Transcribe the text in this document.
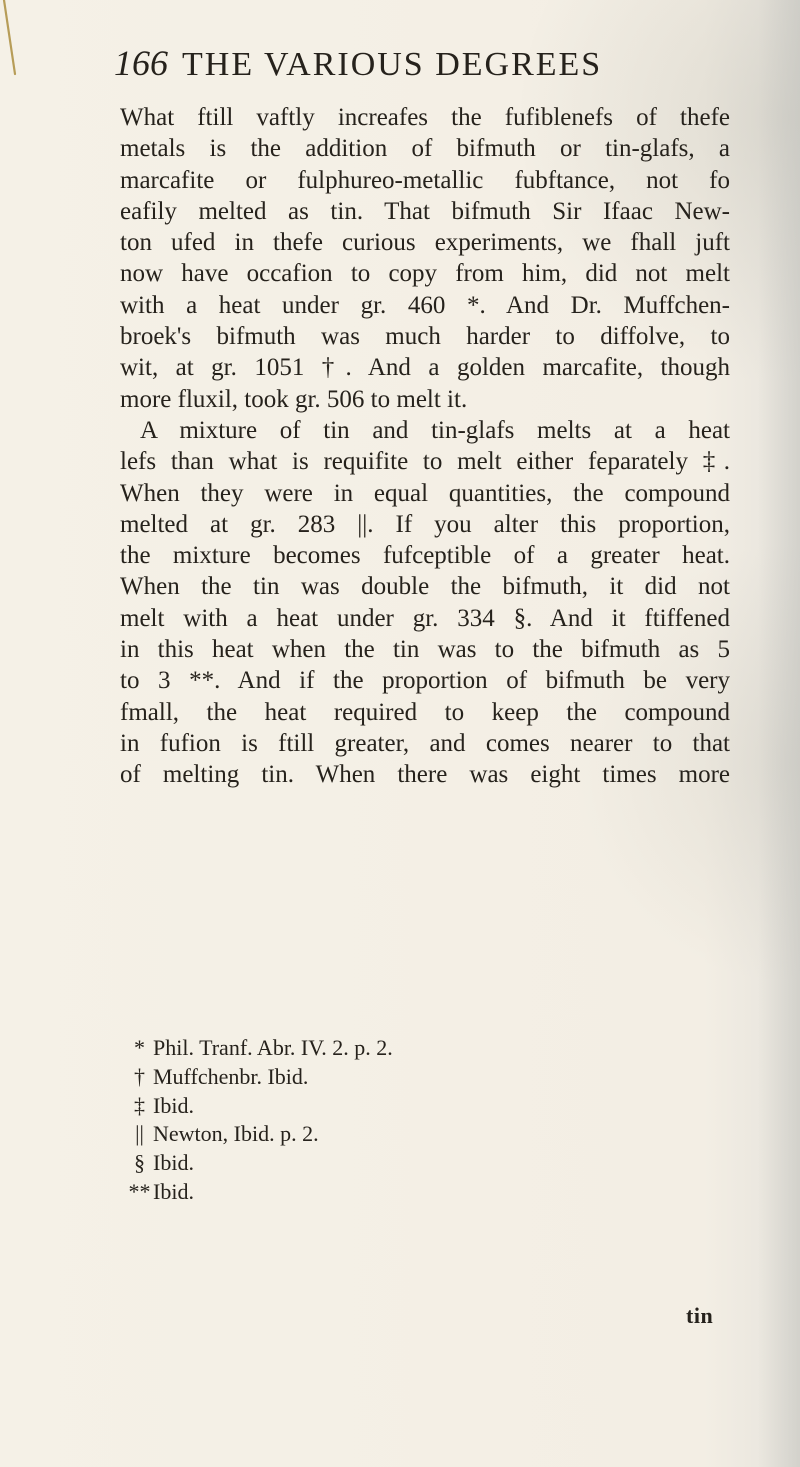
166 THE VARIOUS DEGREES
What ftill vaftly increafes the fufiblenefs of thefe
metals is the addition of bifmuth or tin-glafs, a
marcafite or fulphureo-metallic fubftance, not fo
eafily melted as tin. That bifmuth Sir Ifaac New-
ton ufed in thefe curious experiments, we fhall juft
now have occafion to copy from him, did not melt
with a heat under gr. 460 *. And Dr. Muffchen-
broek's bifmuth was much harder to diffolve, to
wit, at gr. 1051 †. And a golden marcafite, though
more fluxil, took gr. 506 to melt it.
A mixture of tin and tin-glafs melts at a heat
lefs than what is requifite to melt either feparately ‡.
When they were in equal quantities, the compound
melted at gr. 283 ||. If you alter this proportion,
the mixture becomes fufceptible of a greater heat.
When the tin was double the bifmuth, it did not
melt with a heat under gr. 334 §. And it ftiffened
in this heat when the tin was to the bifmuth as 5
to 3 **. And if the proportion of bifmuth be very
fmall, the heat required to keep the compound
in fufion is ftill greater, and comes nearer to that
of melting tin. When there was eight times more
* Phil. Tranf. Abr. IV. 2. p. 2.
† Muffchenbr. Ibid.
‡ Ibid.
|| Newton, Ibid. p. 2.
§ Ibid.
** Ibid.
tin
